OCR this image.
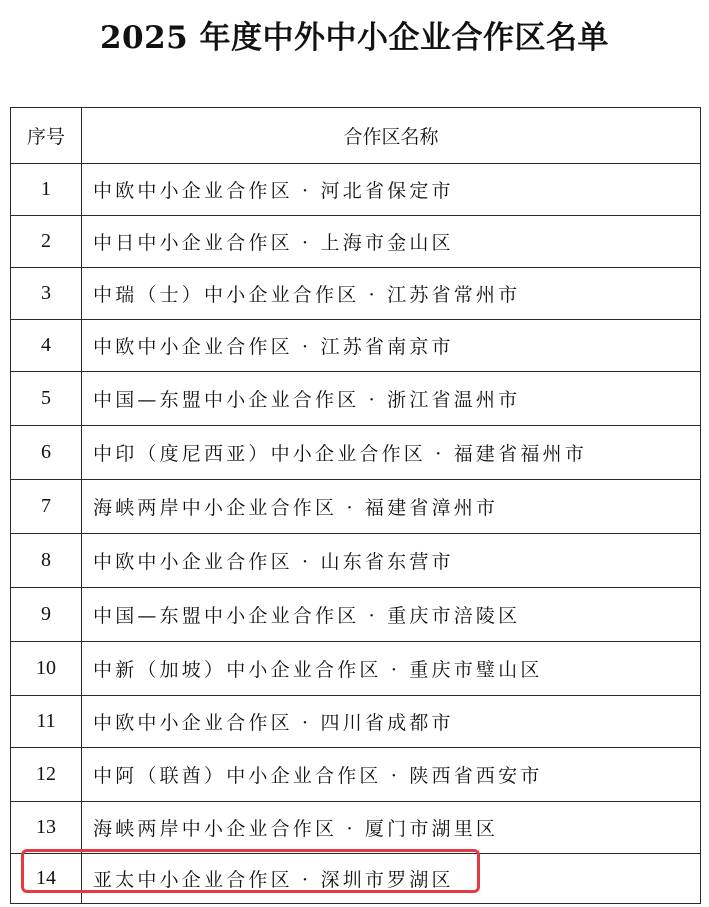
2025 年度中外中小企业合作区名单
序号	合作区名称
1	中欧中小企业合作区 · 河北省保定市
2	中日中小企业合作区 · 上海市金山区
3	中瑞（士）中小企业合作区 · 江苏省常州市
4	中欧中小企业合作区 · 江苏省南京市
5	中国—东盟中小企业合作区 · 浙江省温州市
6	中印（度尼西亚）中小企业合作区 · 福建省福州市
7	海峡两岸中小企业合作区 · 福建省漳州市
8	中欧中小企业合作区 · 山东省东营市
9	中国—东盟中小企业合作区 · 重庆市涪陵区
10	中新（加坡）中小企业合作区 · 重庆市璧山区
11	中欧中小企业合作区 · 四川省成都市
12	中阿（联酋）中小企业合作区 · 陕西省西安市
13	海峡两岸中小企业合作区 · 厦门市湖里区
14	亚太中小企业合作区 · 深圳市罗湖区
